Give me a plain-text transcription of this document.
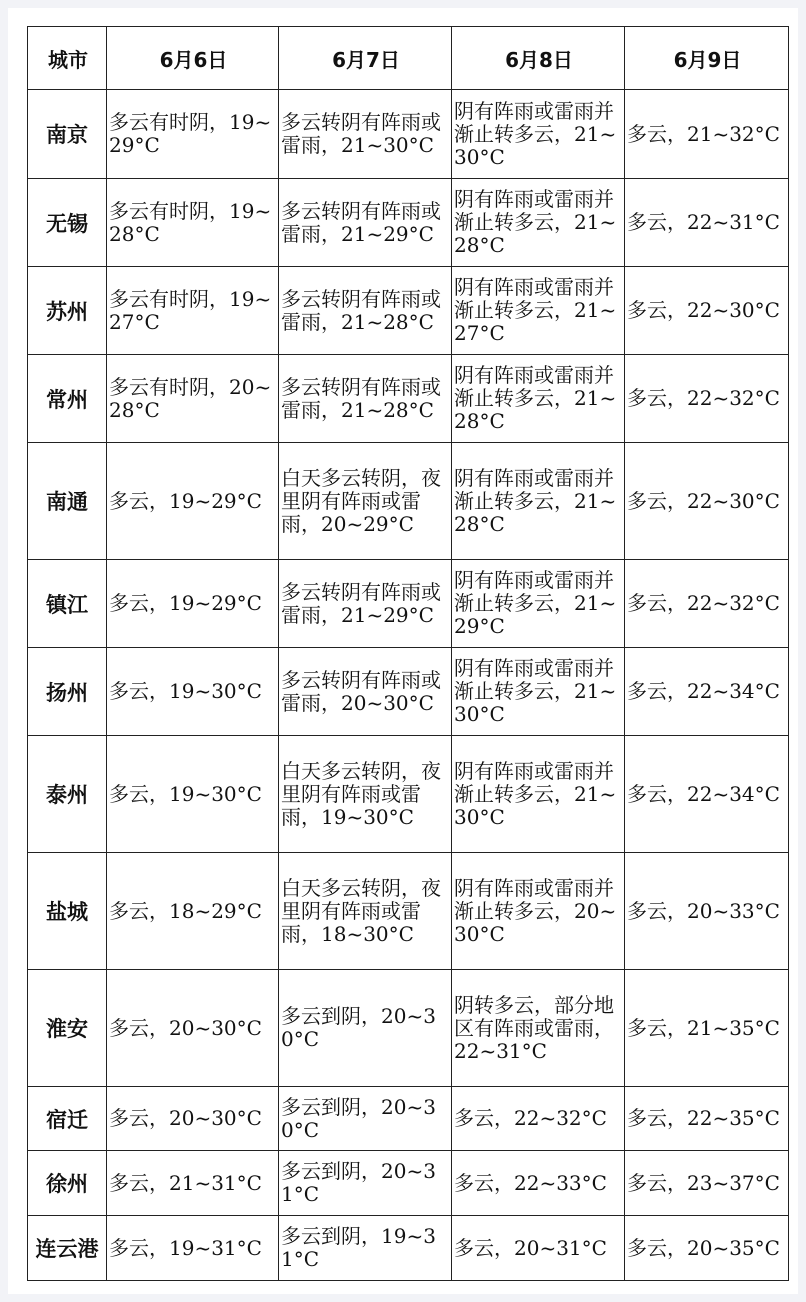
城市	6月6日	6月7日	6月8日	6月9日
南京	多云有时阴，19~29°C	多云转阴有阵雨或雷雨，21~30°C	阴有阵雨或雷雨并渐止转多云，21~30°C	多云，21~32°C
无锡	多云有时阴，19~28°C	多云转阴有阵雨或雷雨，21~29°C	阴有阵雨或雷雨并渐止转多云，21~28°C	多云，22~31°C
苏州	多云有时阴，19~27°C	多云转阴有阵雨或雷雨，21~28°C	阴有阵雨或雷雨并渐止转多云，21~27°C	多云，22~30°C
常州	多云有时阴，20~28°C	多云转阴有阵雨或雷雨，21~28°C	阴有阵雨或雷雨并渐止转多云，21~28°C	多云，22~32°C
南通	多云，19~29°C	白天多云转阴，夜里阴有阵雨或雷雨，20~29°C	阴有阵雨或雷雨并渐止转多云，21~28°C	多云，22~30°C
镇江	多云，19~29°C	多云转阴有阵雨或雷雨，21~29°C	阴有阵雨或雷雨并渐止转多云，21~29°C	多云，22~32°C
扬州	多云，19~30°C	多云转阴有阵雨或雷雨，20~30°C	阴有阵雨或雷雨并渐止转多云，21~30°C	多云，22~34°C
泰州	多云，19~30°C	白天多云转阴，夜里阴有阵雨或雷雨，19~30°C	阴有阵雨或雷雨并渐止转多云，21~30°C	多云，22~34°C
盐城	多云，18~29°C	白天多云转阴，夜里阴有阵雨或雷雨，18~30°C	阴有阵雨或雷雨并渐止转多云，20~30°C	多云，20~33°C
淮安	多云，20~30°C	多云到阴，20~30°C	阴转多云，部分地区有阵雨或雷雨，22~31°C	多云，21~35°C
宿迁	多云，20~30°C	多云到阴，20~30°C	多云，22~32°C	多云，22~35°C
徐州	多云，21~31°C	多云到阴，20~31°C	多云，22~33°C	多云，23~37°C
连云港	多云，19~31°C	多云到阴，19~31°C	多云，20~31°C	多云，20~35°C
